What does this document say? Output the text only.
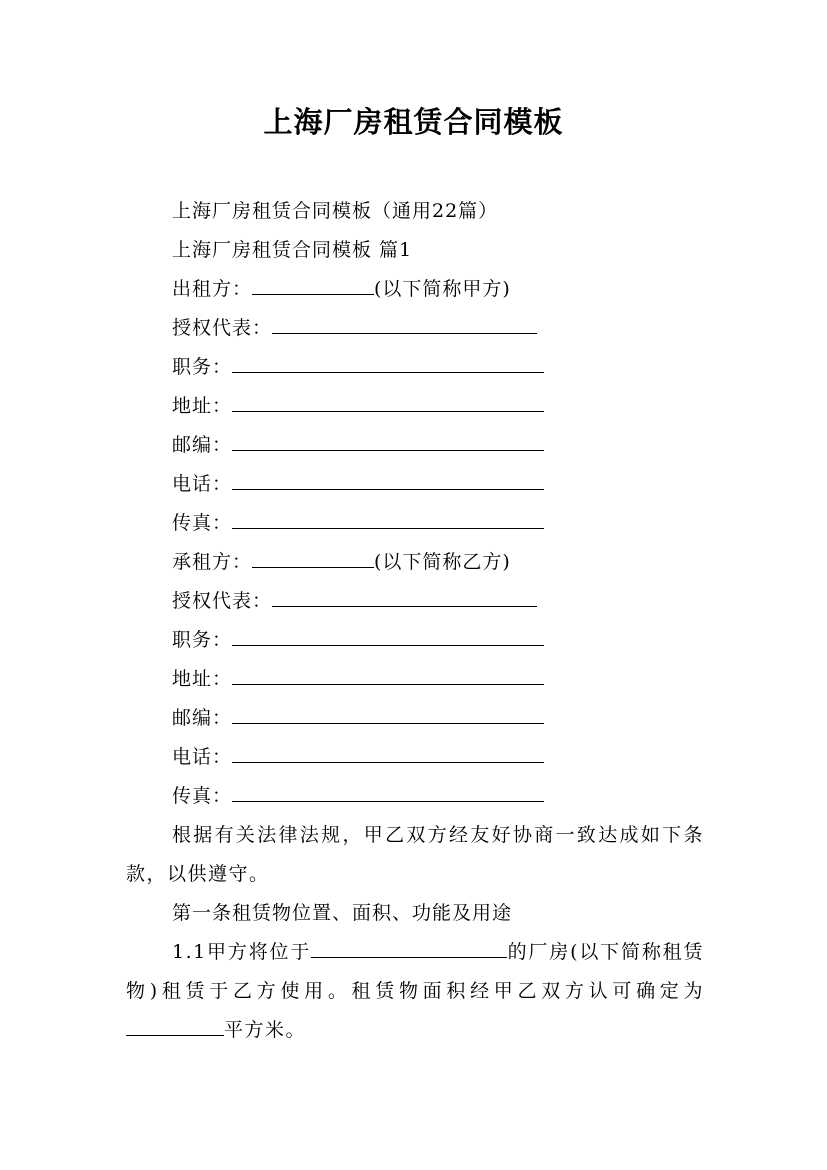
上海厂房租赁合同模板
上海厂房租赁合同模板（通用22篇）
上海厂房租赁合同模板 篇1
出租方：	(以下简称甲方)
授权代表：
职务：
地址：
邮编：
电话：
传真：
承租方：	(以下简称乙方)
授权代表：
职务：
地址：
邮编：
电话：
传真：
根据有关法律法规，甲乙双方经友好协商一致达成如下条款，以供遵守。
第一条租赁物位置、面积、功能及用途
1.1甲方将位于	的厂房(以下简称租赁物)租赁于乙方使用。租赁物面积经甲乙双方认可确定为平方米。
